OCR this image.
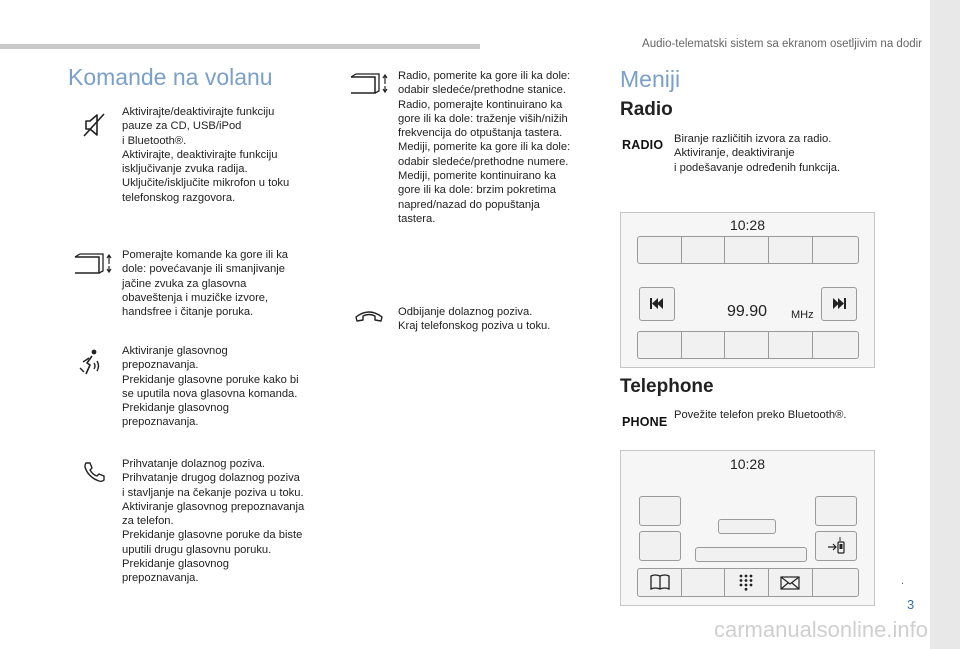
Audio-telematski sistem sa ekranom osetljivim na dodir
Komande na volanu
Aktivirajte/deaktivirajte funkciju
pauze za CD, USB/iPod
i Bluetooth®.
Aktivirajte, deaktivirajte funkciju
isključivanje zvuka radija.
Uključite/isključite mikrofon u toku
telefonskog razgovora.
Pomerajte komande ka gore ili ka
dole: povećavanje ili smanjivanje
jačine zvuka za glasovna
obaveštenja i muzičke izvore,
handsfree i čitanje poruka.
Aktiviranje glasovnog
prepoznavanja.
Prekidanje glasovne poruke kako bi
se uputila nova glasovna komanda.
Prekidanje glasovnog
prepoznavanja.
Prihvatanje dolaznog poziva.
Prihvatanje drugog dolaznog poziva
i stavljanje na čekanje poziva u toku.
Aktiviranje glasovnog prepoznavanja
za telefon.
Prekidanje glasovne poruke da biste
uputili drugu glasovnu poruku.
Prekidanje glasovnog
prepoznavanja.
Radio, pomerite ka gore ili ka dole:
odabir sledeće/prethodne stanice.
Radio, pomerajte kontinuirano ka
gore ili ka dole: traženje viših/nižih
frekvencija do otpuštanja tastera.
Mediji, pomerite ka gore ili ka dole:
odabir sledeće/prethodne numere.
Mediji, pomerite kontinuirano ka
gore ili ka dole: brzim pokretima
napred/nazad do popuštanja
tastera.
Odbijanje dolaznog poziva.
Kraj telefonskog poziva u toku.
Meniji
Radio
RADIO Biranje različitih izvora za radio.
Aktiviranje, deaktiviranje
i podešavanje određenih funkcija.
10:28
99.90 MHz
Telephone
PHONE Povežite telefon preko Bluetooth®.
10:28
.
3
carmanualsonline.info
